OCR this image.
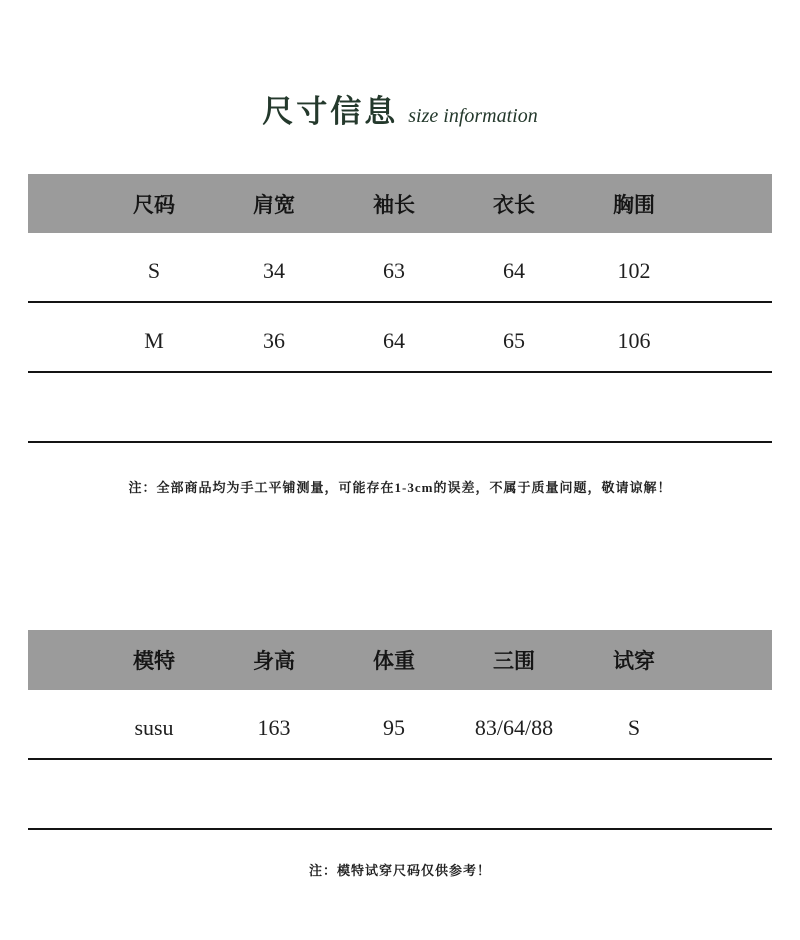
尺寸信息 size information
尺码	肩宽	袖长	衣长	胸围
S	34	63	64	102
M	36	64	65	106
注：全部商品均为手工平铺测量，可能存在1-3cm的误差，不属于质量问题，敬请谅解！
模特	身高	体重	三围	试穿
susu	163	95	83/64/88	S
注：模特试穿尺码仅供参考！
